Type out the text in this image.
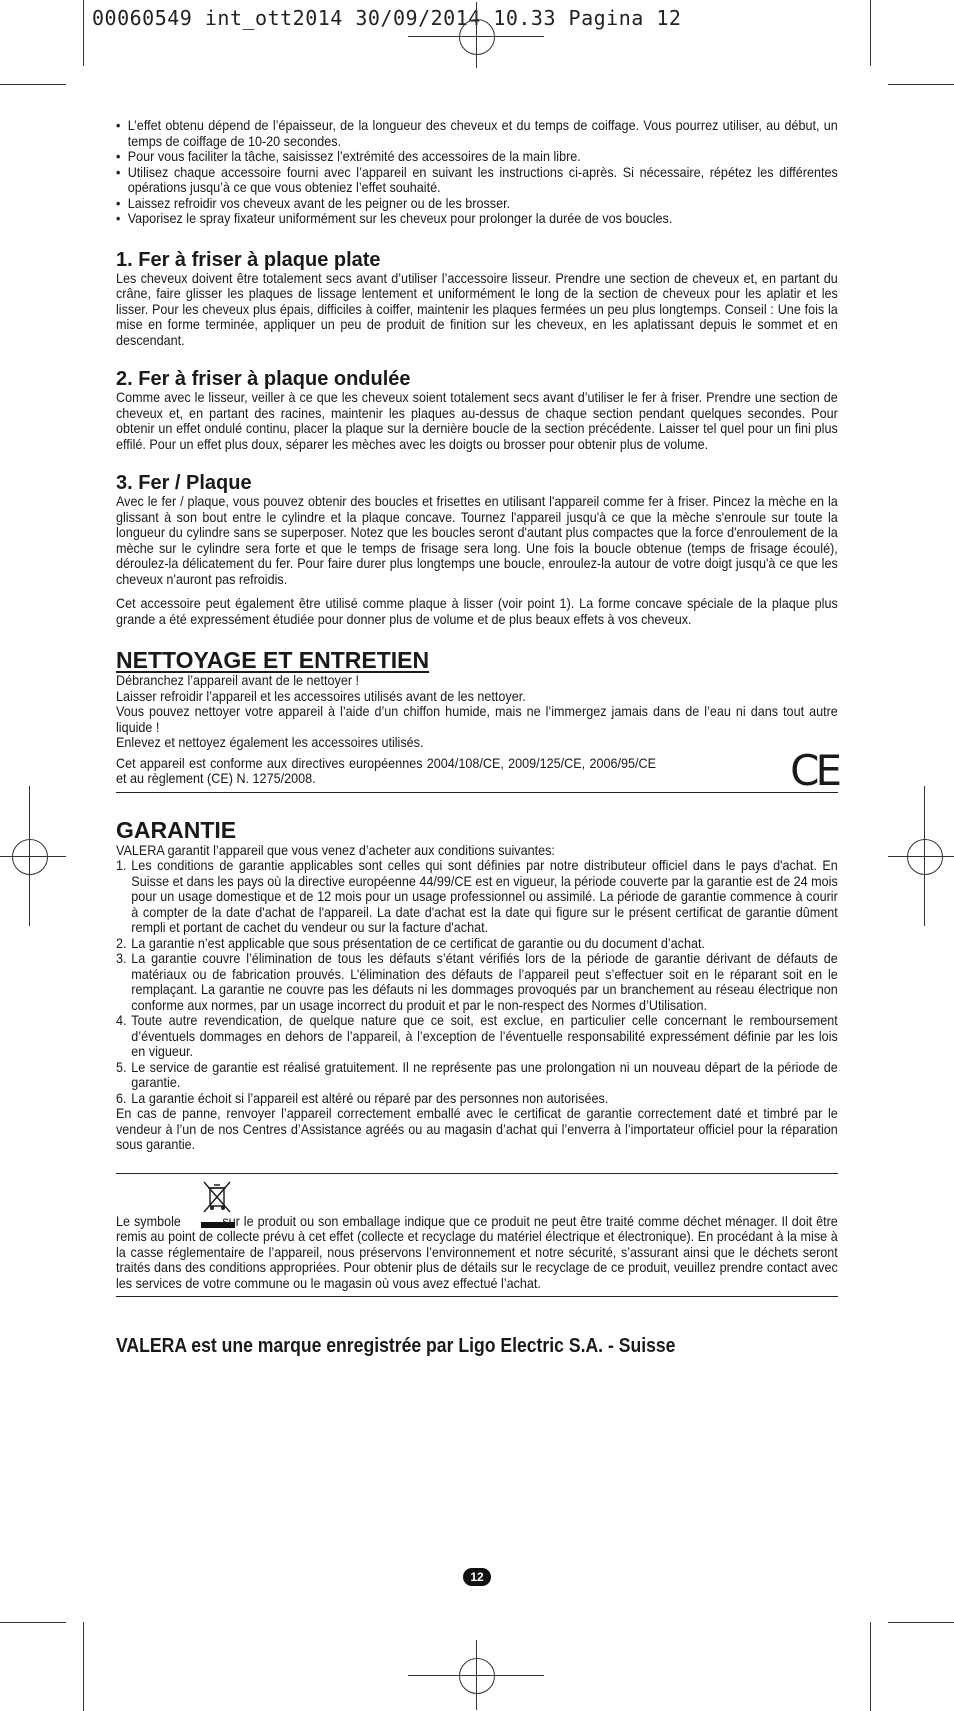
00060549 int_ott2014 30/09/2014 10.33 Pagina 12
• L’effet obtenu dépend de l’épaisseur, de la longueur des cheveux et du temps de coiffage. Vous pourrez utiliser, au début, un temps de coiffage de 10-20 secondes.
• Pour vous faciliter la tâche, saisissez l’extrémité des accessoires de la main libre.
• Utilisez chaque accessoire fourni avec l’appareil en suivant les instructions ci-après. Si nécessaire, répétez les différentes opérations jusqu’à ce que vous obteniez l’effet souhaité.
• Laissez refroidir vos cheveux avant de les peigner ou de les brosser.
• Vaporisez le spray fixateur uniformément sur les cheveux pour prolonger la durée de vos boucles.
1. Fer à friser à plaque plate

Les cheveux doivent être totalement secs avant d’utiliser l’accessoire lisseur. Prendre une section de cheveux et, en partant du crâne, faire glisser les plaques de lissage lentement et uniformément le long de la section de cheveux pour les aplatir et les lisser. Pour les cheveux plus épais, difficiles à coiffer, maintenir les plaques fermées un peu plus longtemps. Conseil : Une fois la mise en forme terminée, appliquer un peu de produit de finition sur les cheveux, en les aplatissant depuis le sommet et en descendant.

2. Fer à friser à plaque ondulée

Comme avec le lisseur, veiller à ce que les cheveux soient totalement secs avant d’utiliser le fer à friser. Prendre une section de cheveux et, en partant des racines, maintenir les plaques au-dessus de chaque section pendant quelques secondes. Pour obtenir un effet ondulé continu, placer la plaque sur la dernière boucle de la section précédente. Laisser tel quel pour un fini plus effilé. Pour un effet plus doux, séparer les mèches avec les doigts ou brosser pour obtenir plus de volume.

3. Fer / Plaque

Avec le fer / plaque, vous pouvez obtenir des boucles et frisettes en utilisant l'appareil comme fer à friser. Pincez la mèche en la glissant à son bout entre le cylindre et la plaque concave. Tournez l'appareil jusqu'à ce que la mèche s'enroule sur toute la longueur du cylindre sans se superposer. Notez que les boucles seront d'autant plus compactes que la force d'enroulement de la mèche sur le cylindre sera forte et que le temps de frisage sera long. Une fois la boucle obtenue (temps de frisage écoulé), déroulez-la délicatement du fer. Pour faire durer plus longtemps une boucle, enroulez-la autour de votre doigt jusqu'à ce que les cheveux n'auront pas refroidis.

Cet accessoire peut également être utilisé comme plaque à lisser (voir point 1). La forme concave spéciale de la plaque plus grande a été expressément étudiée pour donner plus de volume et de plus beaux effets à vos cheveux.

NETTOYAGE ET ENTRETIEN

Débranchez l’appareil avant de le nettoyer !

Laisser refroidir l’appareil et les accessoires utilisés avant de les nettoyer.

Vous pouvez nettoyer votre appareil à l’aide d’un chiffon humide, mais ne l’immergez jamais dans de l’eau ni dans tout autre liquide !

Enlevez et nettoyez également les accessoires utilisés.

Cet appareil est conforme aux directives européennes 2004/108/CE, 2009/125/CE, 2006/95/CE et au règlement (CE) N. 1275/2008.	CE
GARANTIE

VALERA garantit l’appareil que vous venez d’acheter aux conditions suivantes:

1. Les conditions de garantie applicables sont celles qui sont définies par notre distributeur officiel dans le pays d'achat. En Suisse et dans les pays où la directive européenne 44/99/CE est en vigueur, la période couverte par la garantie est de 24 mois pour un usage domestique et de 12 mois pour un usage professionnel ou assimilé. La période de garantie commence à courir à compter de la date d'achat de l'appareil. La date d'achat est la date qui figure sur le présent certificat de garantie dûment rempli et portant de cachet du vendeur ou sur la facture d'achat.
2. La garantie n’est applicable que sous présentation de ce certificat de garantie ou du document d’achat.
3. La garantie couvre l’élimination de tous les défauts s’étant vérifiés lors de la période de garantie dérivant de défauts de matériaux ou de fabrication prouvés. L’élimination des défauts de l’appareil peut s’effectuer soit en le réparant soit en le remplaçant. La garantie ne couvre pas les défauts ni les dommages provoqués par un branchement au réseau électrique non conforme aux normes, par un usage incorrect du produit et par le non-respect des Normes d’Utilisation.
4. Toute autre revendication, de quelque nature que ce soit, est exclue, en particulier celle concernant le remboursement d’éventuels dommages en dehors de l’appareil, à l’exception de l’éventuelle responsabilité expressément définie par les lois en vigueur.
5. Le service de garantie est réalisé gratuitement. Il ne représente pas une prolongation ni un nouveau départ de la période de garantie.
6. La garantie échoit si l’appareil est altéré ou réparé par des personnes non autorisées.

En cas de panne, renvoyer l’appareil correctement emballé avec le certificat de garantie correctement daté et timbré par le vendeur à l’un de nos Centres d’Assistance agréés ou au magasin d’achat qui l’enverra à l’importateur officiel pour la réparation sous garantie.

Le symbole	sur le produit ou son emballage indique que ce produit ne peut être traité comme déchet ménager. Il doit être remis au point de collecte prévu à cet effet (collecte et recyclage du matériel électrique et électronique). En procédant à la mise à la casse réglementaire de l’appareil, nous préservons l’environnement et notre sécurité, s’assurant ainsi que le déchets seront traités dans des conditions appropriées. Pour obtenir plus de détails sur le recyclage de ce produit, veuillez prendre contact avec les services de votre commune ou le magasin où vous avez effectué l’achat.

VALERA est une marque enregistrée par Ligo Electric S.A. - Suisse
12
